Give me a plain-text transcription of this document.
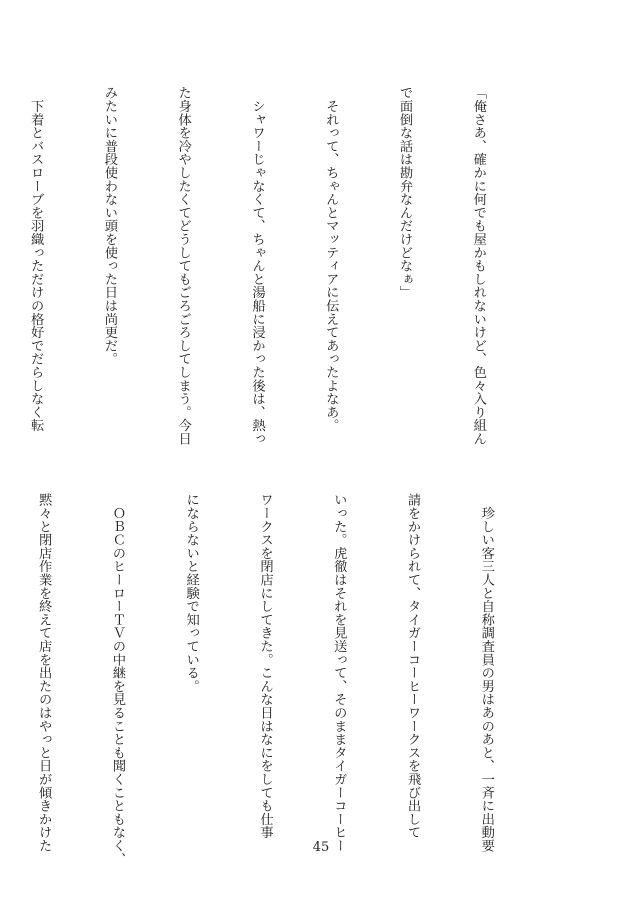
「俺さあ、確かに何でも屋かもしれないけど、色々入り組ん

で面倒な話は勘弁なんだけどなぁ」

　それって、ちゃんとマッティアに伝えてあったよなあ。

　シャワーじゃなくて、ちゃんと湯船に浸かった後は、熱っ

た身体を冷やしたくてどうしてもごろごろしてしまう。今日

みたいに普段使わない頭を使った日は尚更だ。

　下着とバスローブを羽織っただけの格好でだらしなく転

　珍しい客三人と自称調査員の男はあのあと、一斉に出動要

請をかけられて、タイガーコーヒーワークスを飛び出して

いった。虎徹はそれを見送って、そのままタイガーコーヒー

ワークスを閉店にしてきた。こんな日はなにをしても仕事

にならないと経験で知っている。

　ＯＢＣのヒーローＴＶの中継を見ることも聞くこともなく、

黙々と閉店作業を終えて店を出たのはやっと日が傾きかけた

	45
